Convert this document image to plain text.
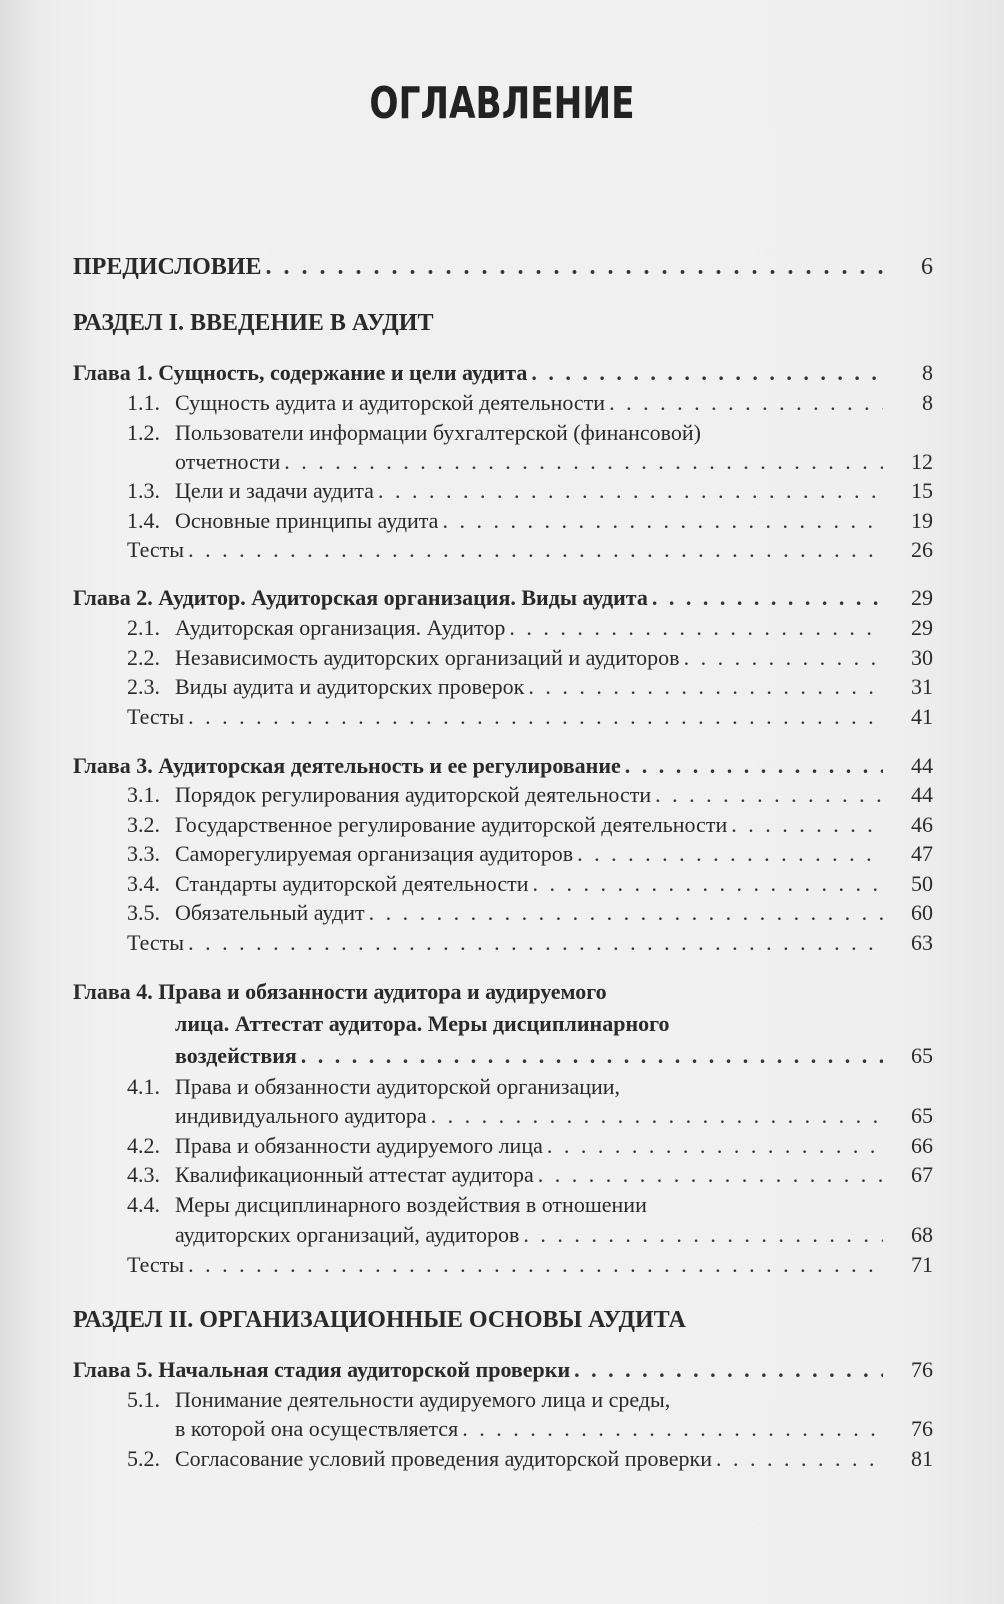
ОГЛАВЛЕНИЕ
ПРЕДИСЛОВИЕ . . .	6
РАЗДЕЛ I. ВВЕДЕНИЕ В АУДИТ
Глава 1. Сущность, содержание и цели аудита . . .	8
1.1. Сущность аудита и аудиторской деятельности . . .	8
1.2. Пользователи информации бухгалтерской (финансовой)
отчетности . . .	12
1.3. Цели и задачи аудита . . .	15
1.4. Основные принципы аудита . . .	19
Тесты . . .	26
Глава 2. Аудитор. Аудиторская организация. Виды аудита . . .	29
2.1. Аудиторская организация. Аудитор . . .	29
2.2. Независимость аудиторских организаций и аудиторов . . .	30
2.3. Виды аудита и аудиторских проверок . . .	31
Тесты . . .	41
Глава 3. Аудиторская деятельность и ее регулирование . . .	44
3.1. Порядок регулирования аудиторской деятельности . . .	44
3.2. Государственное регулирование аудиторской деятельности . . .	46
3.3. Саморегулируемая организация аудиторов . . .	47
3.4. Стандарты аудиторской деятельности . . .	50
3.5. Обязательный аудит . . .	60
Тесты . . .	63
Глава 4. Права и обязанности аудитора и аудируемого
лица. Аттестат аудитора. Меры дисциплинарного
воздействия . . .	65
4.1. Права и обязанности аудиторской организации,
индивидуального аудитора . . .	65
4.2. Права и обязанности аудируемого лица . . .	66
4.3. Квалификационный аттестат аудитора . . .	67
4.4. Меры дисциплинарного воздействия в отношении
аудиторских организаций, аудиторов . . .	68
Тесты . . .	71
РАЗДЕЛ II. ОРГАНИЗАЦИОННЫЕ ОСНОВЫ АУДИТА
Глава 5. Начальная стадия аудиторской проверки . . .	76
5.1. Понимание деятельности аудируемого лица и среды,
в которой она осуществляется . . .	76
5.2. Согласование условий проведения аудиторской проверки . . .	81
